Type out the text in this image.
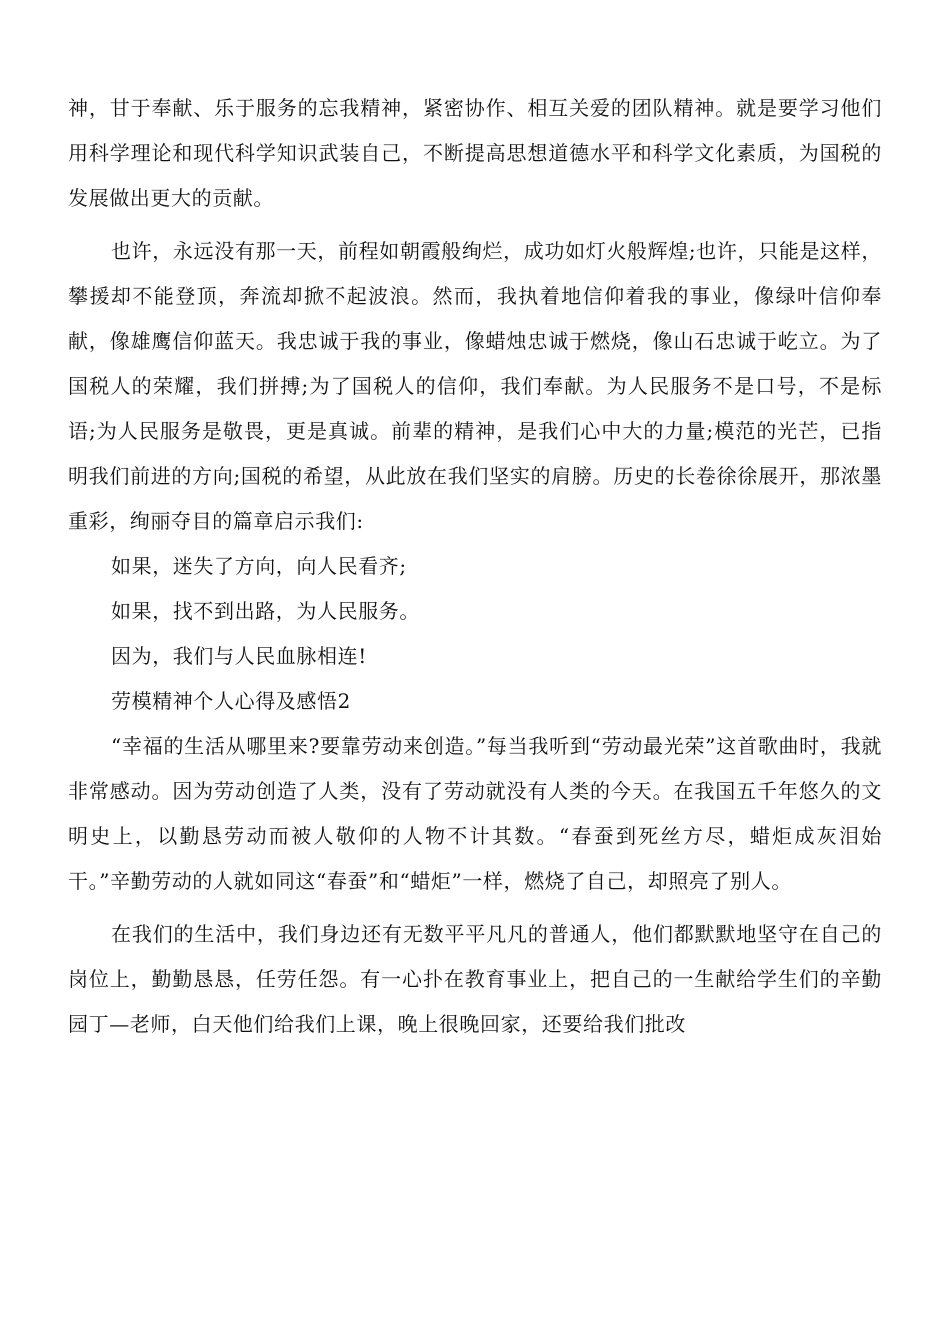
神，甘于奉献、乐于服务的忘我精神，紧密协作、相互关爱的团队精神。就是要学习他们用科学理论和现代科学知识武装自己，不断提高思想道德水平和科学文化素质，为国税的发展做出更大的贡献。

也许，永远没有那一天，前程如朝霞般绚烂，成功如灯火般辉煌;也许，只能是这样，攀援却不能登顶，奔流却掀不起波浪。然而，我执着地信仰着我的事业，像绿叶信仰奉献，像雄鹰信仰蓝天。我忠诚于我的事业，像蜡烛忠诚于燃烧，像山石忠诚于屹立。为了国税人的荣耀，我们拼搏;为了国税人的信仰，我们奉献。为人民服务不是口号，不是标语;为人民服务是敬畏，更是真诚。前辈的精神，是我们心中大的力量;模范的光芒，已指明我们前进的方向;国税的希望，从此放在我们坚实的肩膀。历史的长卷徐徐展开，那浓墨重彩，绚丽夺目的篇章启示我们:

如果，迷失了方向，向人民看齐;

如果，找不到出路，为人民服务。

因为，我们与人民血脉相连!

劳模精神个人心得及感悟2

“幸福的生活从哪里来?要靠劳动来创造。”每当我听到“劳动最光荣”这首歌曲时，我就非常感动。因为劳动创造了人类，没有了劳动就没有人类的今天。在我国五千年悠久的文明史上，以勤恳劳动而被人敬仰的人物不计其数。“春蚕到死丝方尽，蜡炬成灰泪始干。”辛勤劳动的人就如同这“春蚕”和“蜡炬”一样，燃烧了自己，却照亮了别人。

在我们的生活中，我们身边还有无数平平凡凡的普通人，他们都默默地坚守在自己的岗位上，勤勤恳恳，任劳任怨。有一心扑在教育事业上，把自己的一生献给学生们的辛勤园丁—老师，白天他们给我们上课，晚上很晚回家，还要给我们批改
